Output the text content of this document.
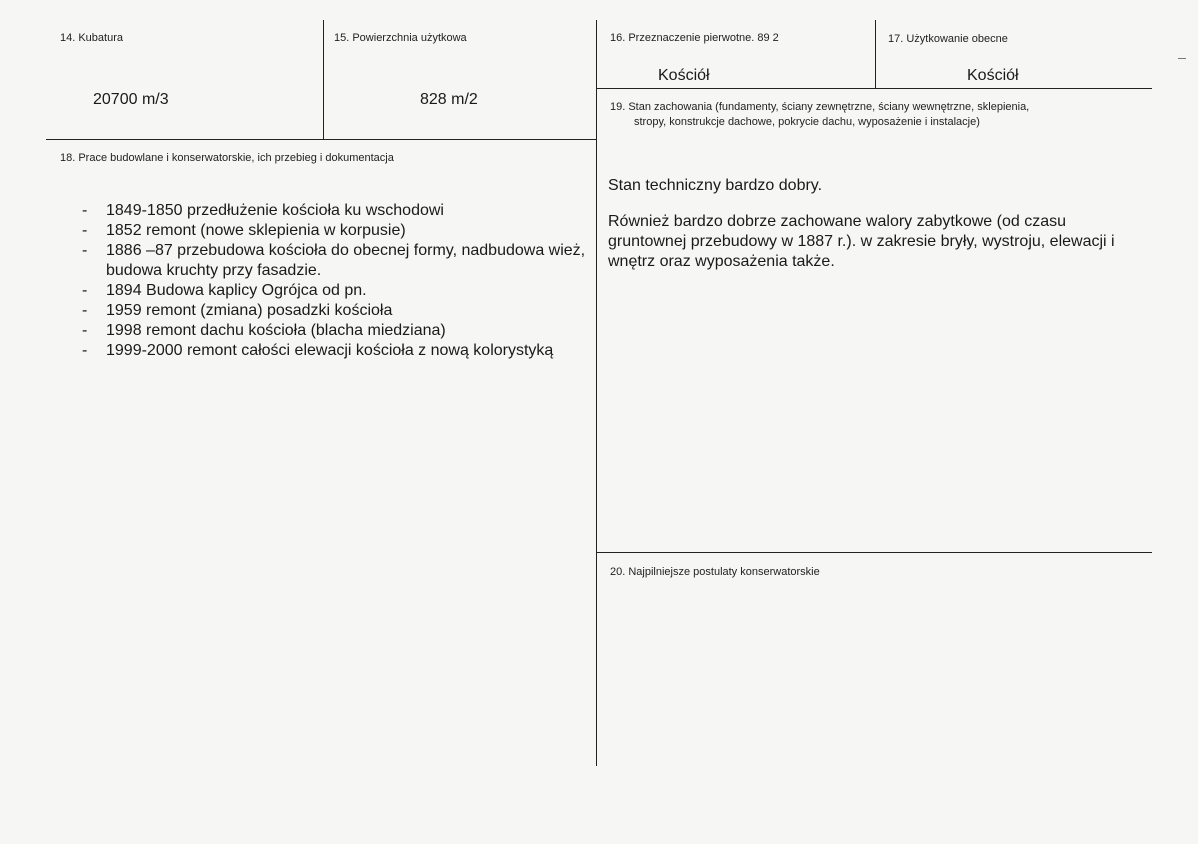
14. Kubatura
20700 m/3
15. Powierzchnia użytkowa
828 m/2
16. Przeznaczenie pierwotne. 89 2
Kościół
17. Użytkowanie obecne
Kościół
18. Prace budowlane i konserwatorskie, ich przebieg i dokumentacja
- 1849-1850 przedłużenie kościoła ku wschodowi
- 1852 remont (nowe sklepienia w korpusie)
- 1886 –87 przebudowa kościoła do obecnej formy, nadbudowa wież, budowa kruchty przy fasadzie.
- 1894 Budowa kaplicy Ogrójca od pn.
- 1959 remont (zmiana) posadzki kościoła
- 1998 remont dachu kościoła (blacha miedziana)
- 1999-2000 remont całości elewacji kościoła z nową kolorystyką
19. Stan zachowania (fundamenty, ściany zewnętrzne, ściany wewnętrzne, sklepienia,
stropy, konstrukcje dachowe, pokrycie dachu, wyposażenie i instalacje)
Stan techniczny bardzo dobry.
Również bardzo dobrze zachowane walory zabytkowe (od czasu gruntownej przebudowy w 1887 r.). w zakresie bryły, wystroju, elewacji i wnętrz oraz wyposażenia także.
20. Najpilniejsze postulaty konserwatorskie
